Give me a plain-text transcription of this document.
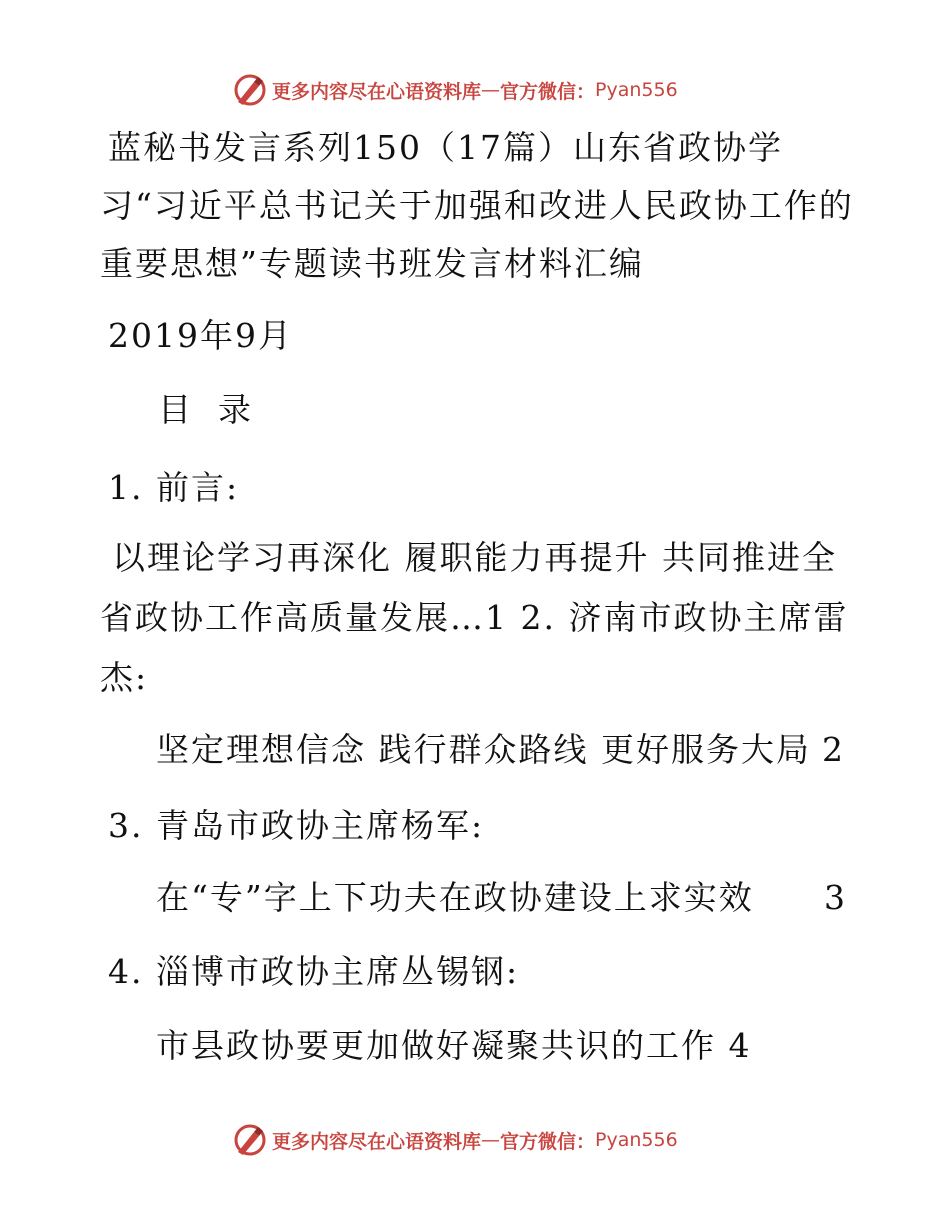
更多内容尽在心语资料库 — 官方微信： Pyan556
蓝秘书发言系列150（17篇）山东省政协学
习“习近平总书记关于加强和改进人民政协工作的
重要思想”专题读书班发言材料汇编
2019年9月
目  录
1. 前言:
以理论学习再深化 履职能力再提升 共同推进全
省政协工作高质量发展…1 2. 济南市政协主席雷
杰:
坚定理想信念 践行群众路线 更好服务大局 2
3. 青岛市政协主席杨军:
在“专”字上下功夫在政协建设上求实效 3
4. 淄博市政协主席丛锡钢:
市县政协要更加做好凝聚共识的工作 4
更多内容尽在心语资料库 — 官方微信： Pyan556
